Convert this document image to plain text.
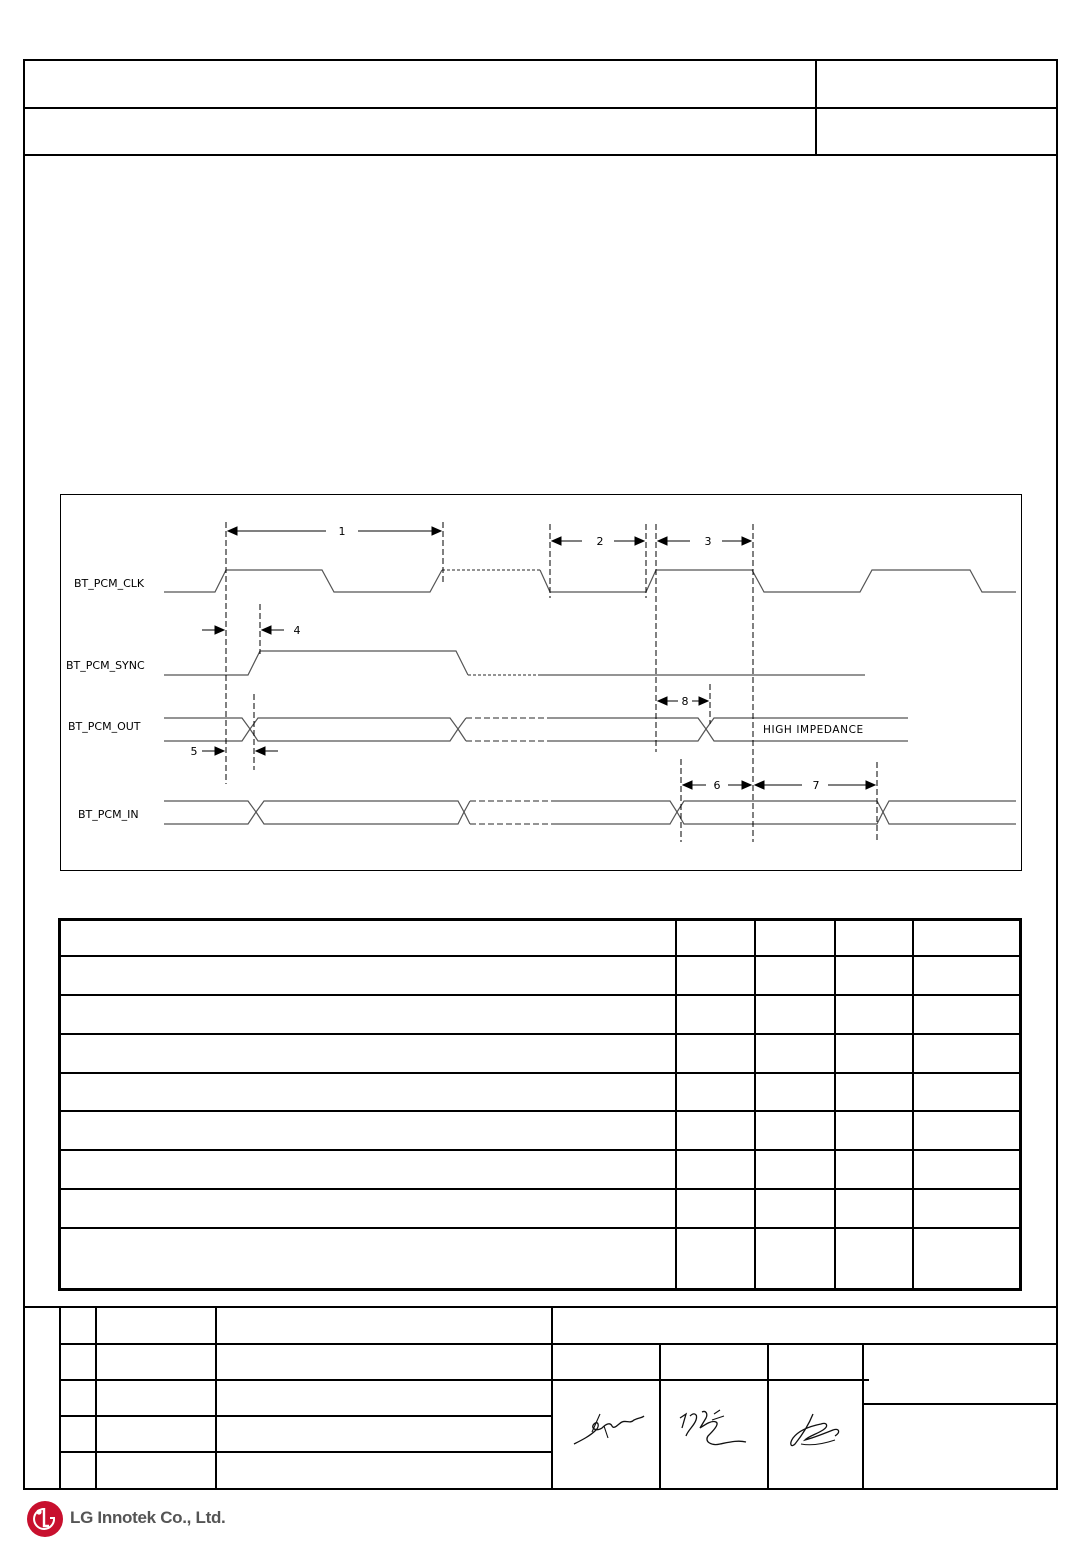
BT_PCM_CLK
BT_PCM_SYNC
BT_PCM_OUT
BT_PCM_IN
1
2	3
4
5
6	7
8
HIGH IMPEDANCE
LG Innotek Co., Ltd.
